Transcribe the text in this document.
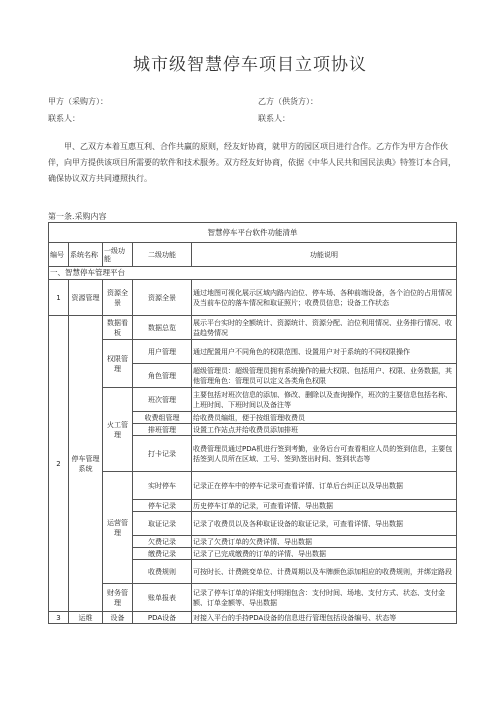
城市级智慧停车项目立项协议
甲方（采购方）：	乙方（供货方）：
联系人：	联系人：
甲、乙双方本着互惠互利、合作共赢的原则，经友好协商，就甲方的园区项目进行合作。乙方作为甲方合作伙伴，向甲方提供该项目所需要的软件和技术服务。双方经友好协商，依据《中华人民共和国民法典》特签订本合同，确保协议双方共同遵照执行。
第一条.采购内容
智慧停车平台软件功能清单				
编号	系统名称	一级功能	二级功能	功能说明
一、智慧停车管理平台				
1	资源管理	资源全景	资源全景	通过地图可视化展示区域内路内泊位、停车场、各种前端设备，各个泊位的占用情况及当前车位的落车情况和取证照片；收费员信息；设备工作状态
2	停车管理系统	数据看板	数据总览	展示平台实时的全额统计、资源统计、资源分配、泊位利用情况、业务排行情况、收益趋势情况
		权限管理	用户管理	通过配置用户不同角色的权限范围、设置用户对于系统的不同权限操作
			角色管理	超级管理员：超级管理员拥有系统操作的最大权限、包括用户、权限、业务数据，其他管理角色：管理员可以定义各类角色权限
		火工管理	班次管理	主要包括对班次信息的添加、修改、删除以及查询操作，班次的主要信息包括名称、上班时间、下班时间以及备注等
			收费组管理	给收费员编组，便于按组管理收费员
			排班管理	设置工作站点并给收费员添加排班
			打卡记录	收费管理员通过PDA机进行签到考勤，业务后台可查看相应人员的签到信息，主要包括签到人员所在区域、工号、签到\签出时间、签到状态等
		运营管理	实时停车	记录正在停车中的停车记录可查看详情、订单后台纠正以及导出数据
			停车记录	历史停车订单的记录，可查看详情、导出数据
			取证记录	记录了收费员以及各种取证设备的取证记录，可查看详情、导出数据
			欠费记录	记录了欠费订单的欠费详情、导出数据
			缴费记录	记录了已完成缴费的订单的详情、导出数据
			收费规则	可按时长、计费跳变单位、计费周期以及车牌颜色添加相应的收费规则，并绑定路段
		财务管理	账单报表	记录了停车订单的详细支付明细包含：支付时间、场地、支付方式、状态、支付金额、订单金额等、导出数据
3	运维	设备	PDA设备	对接入平台的手持PDA设备的信息进行管理包括设备编号、状态等
